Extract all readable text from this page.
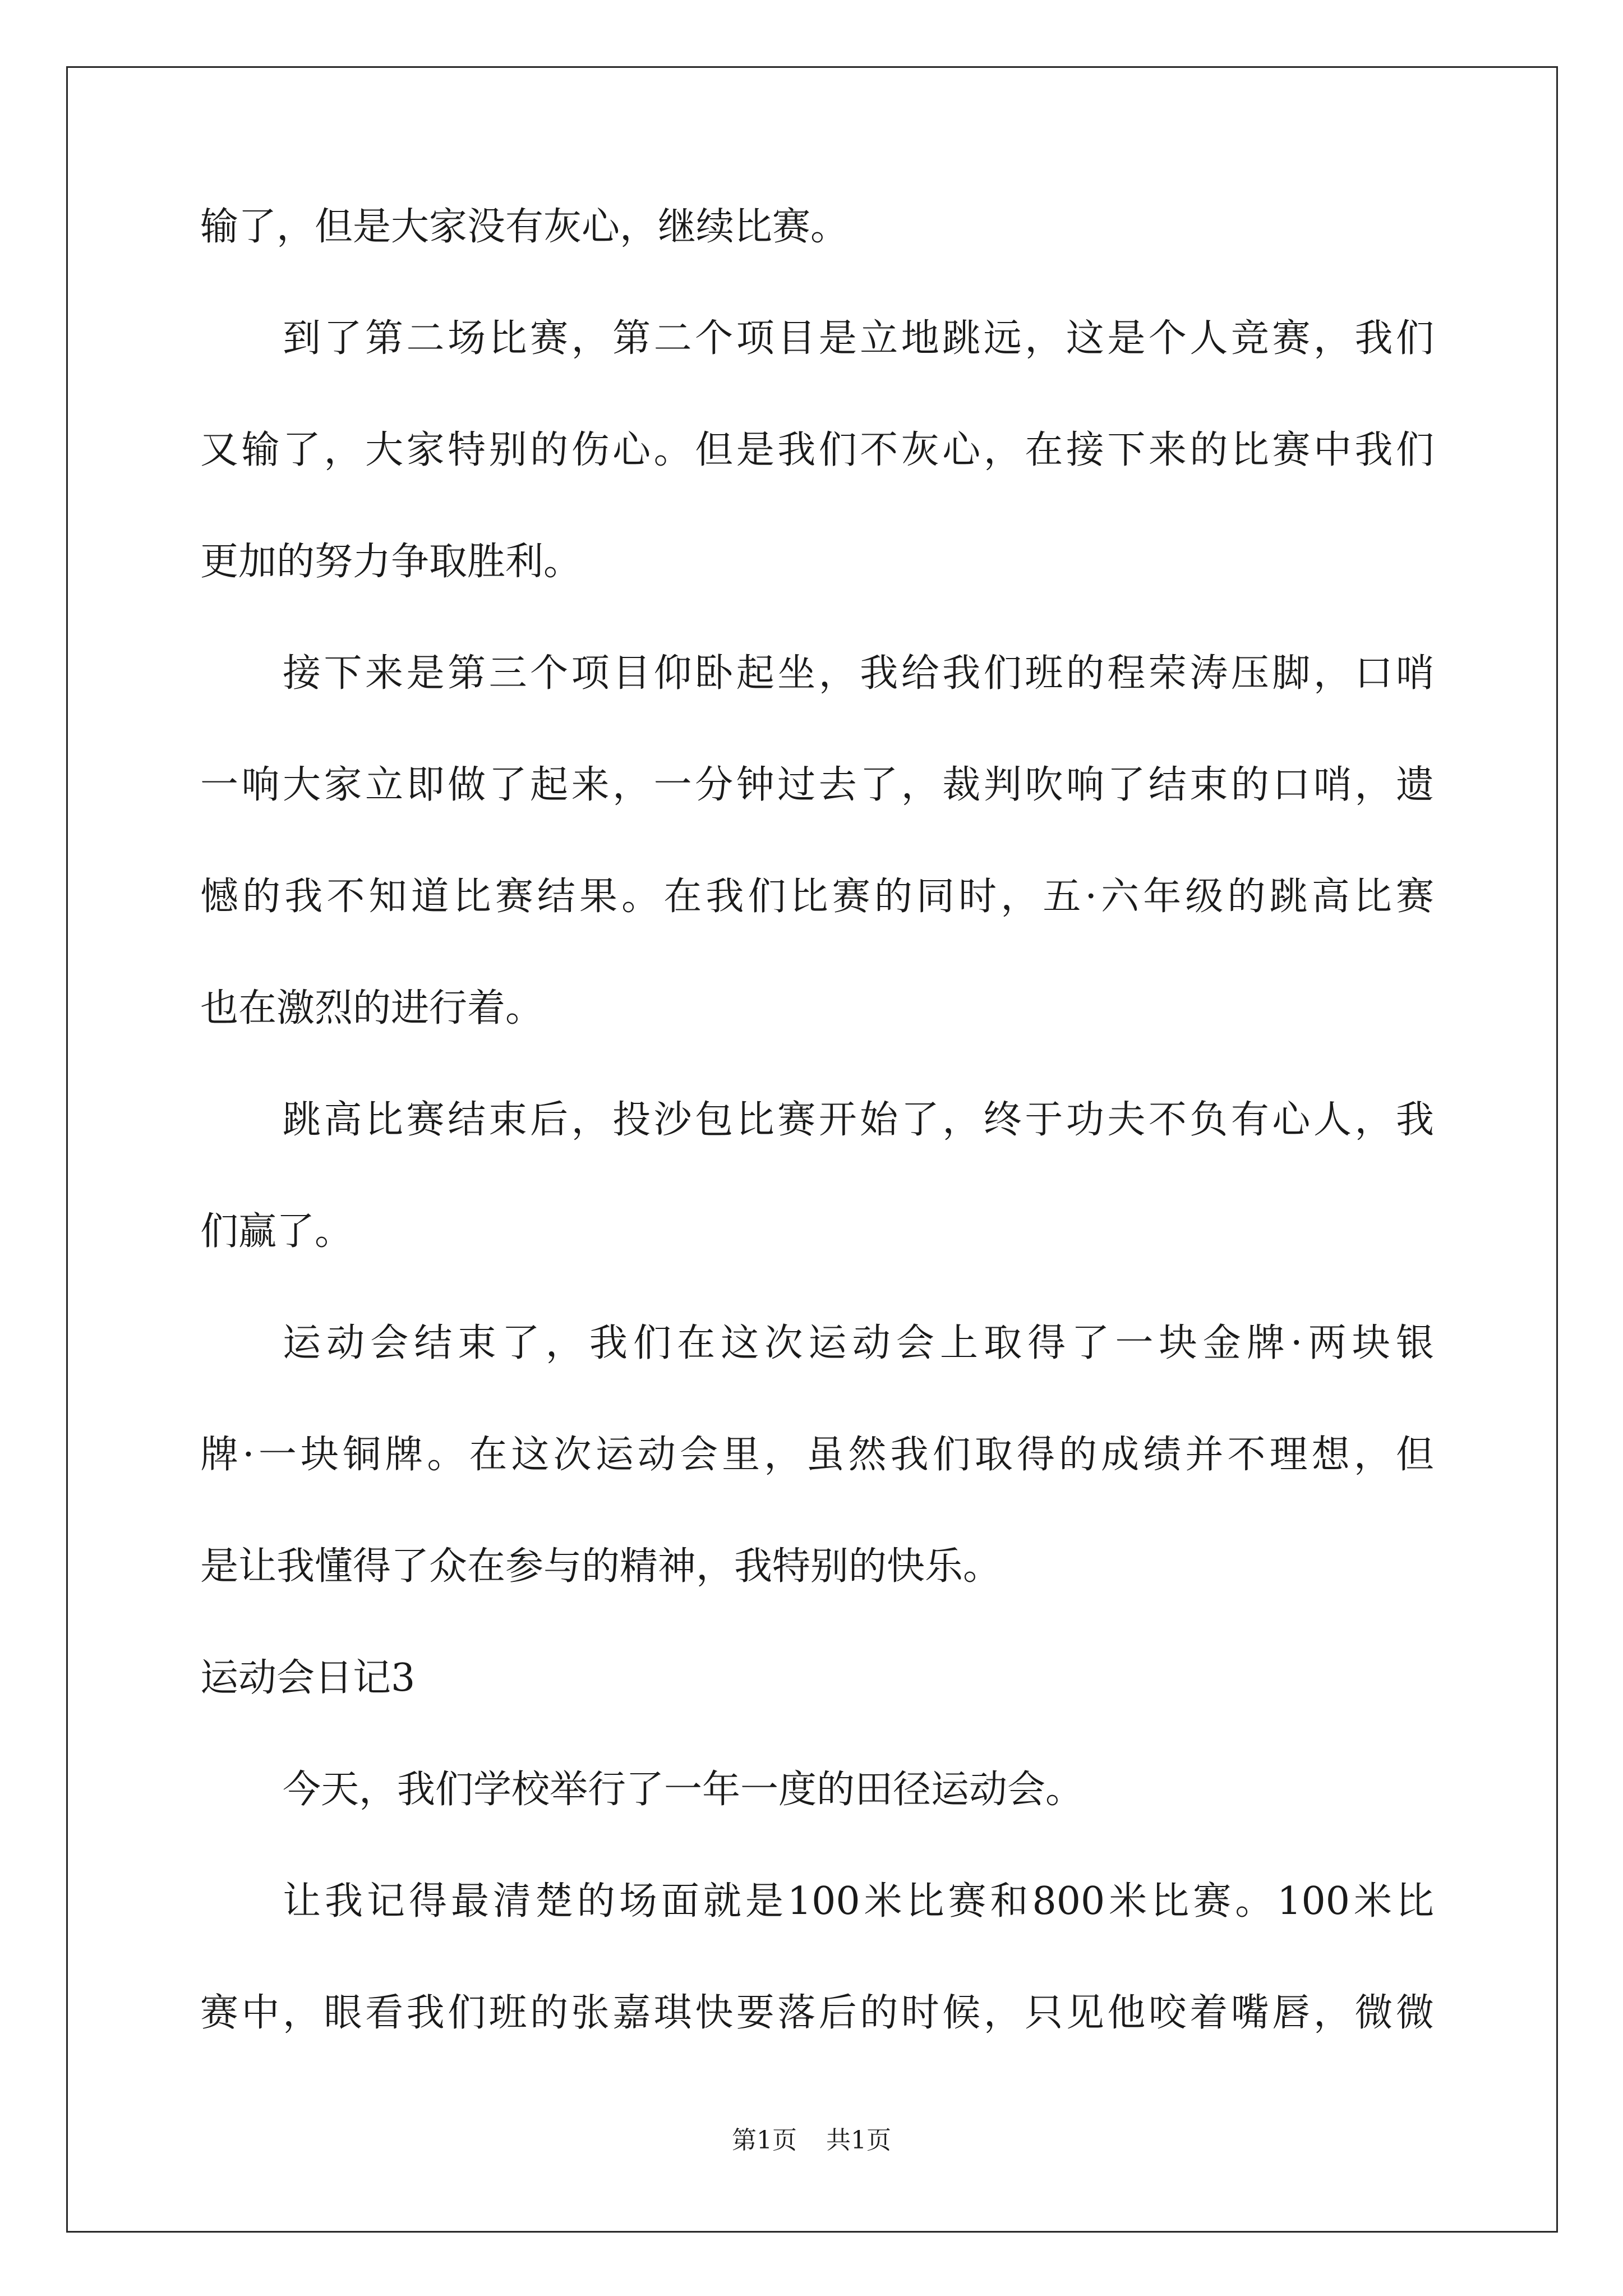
输了，但是大家没有灰心，继续比赛。
到了第二场比赛，第二个项目是立地跳远，这是个人竞赛，我们
又输了，大家特别的伤心。但是我们不灰心，在接下来的比赛中我们
更加的努力争取胜利。
接下来是第三个项目仰卧起坐，我给我们班的程荣涛压脚，口哨
一响大家立即做了起来，一分钟过去了，裁判吹响了结束的口哨，遗
憾的我不知道比赛结果。在我们比赛的同时，五·六年级的跳高比赛
也在激烈的进行着。
跳高比赛结束后，投沙包比赛开始了，终于功夫不负有心人，我
们赢了。
运动会结束了，我们在这次运动会上取得了一块金牌·两块银
牌·一块铜牌。在这次运动会里，虽然我们取得的成绩并不理想，但
是让我懂得了众在参与的精神，我特别的快乐。
运动会日记3
今天，我们学校举行了一年一度的田径运动会。
让我记得最清楚的场面就是100米比赛和800米比赛。100米比
赛中，眼看我们班的张嘉琪快要落后的时候，只见他咬着嘴唇，微微
第1页 共1页
